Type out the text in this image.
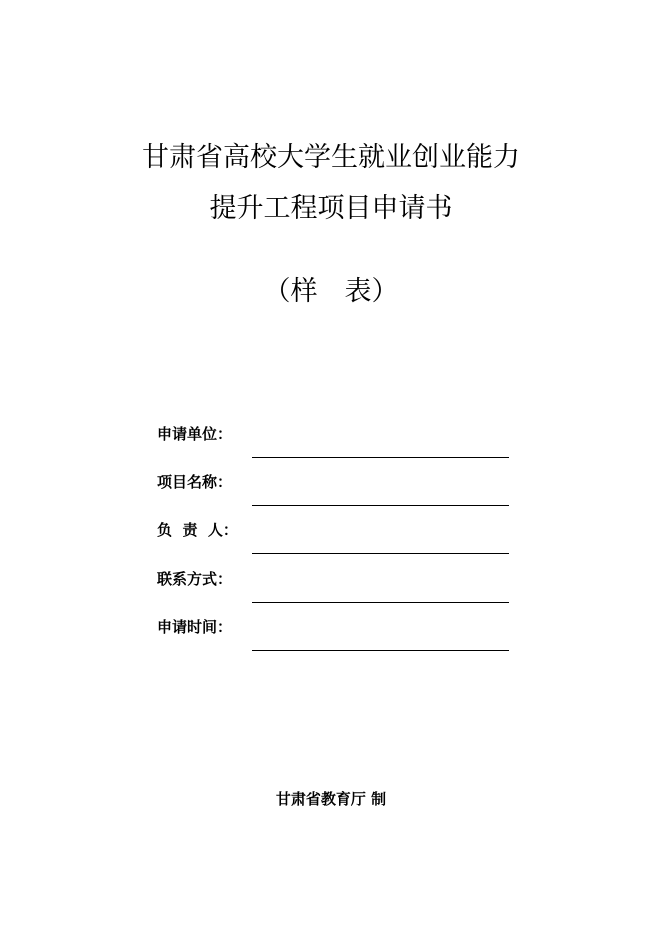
甘肃省高校大学生就业创业能力
提升工程项目申请书
（样　表）
申请单位：
项目名称：
负  责  人：
联系方式：
申请时间：
甘肃省教育厅 制
